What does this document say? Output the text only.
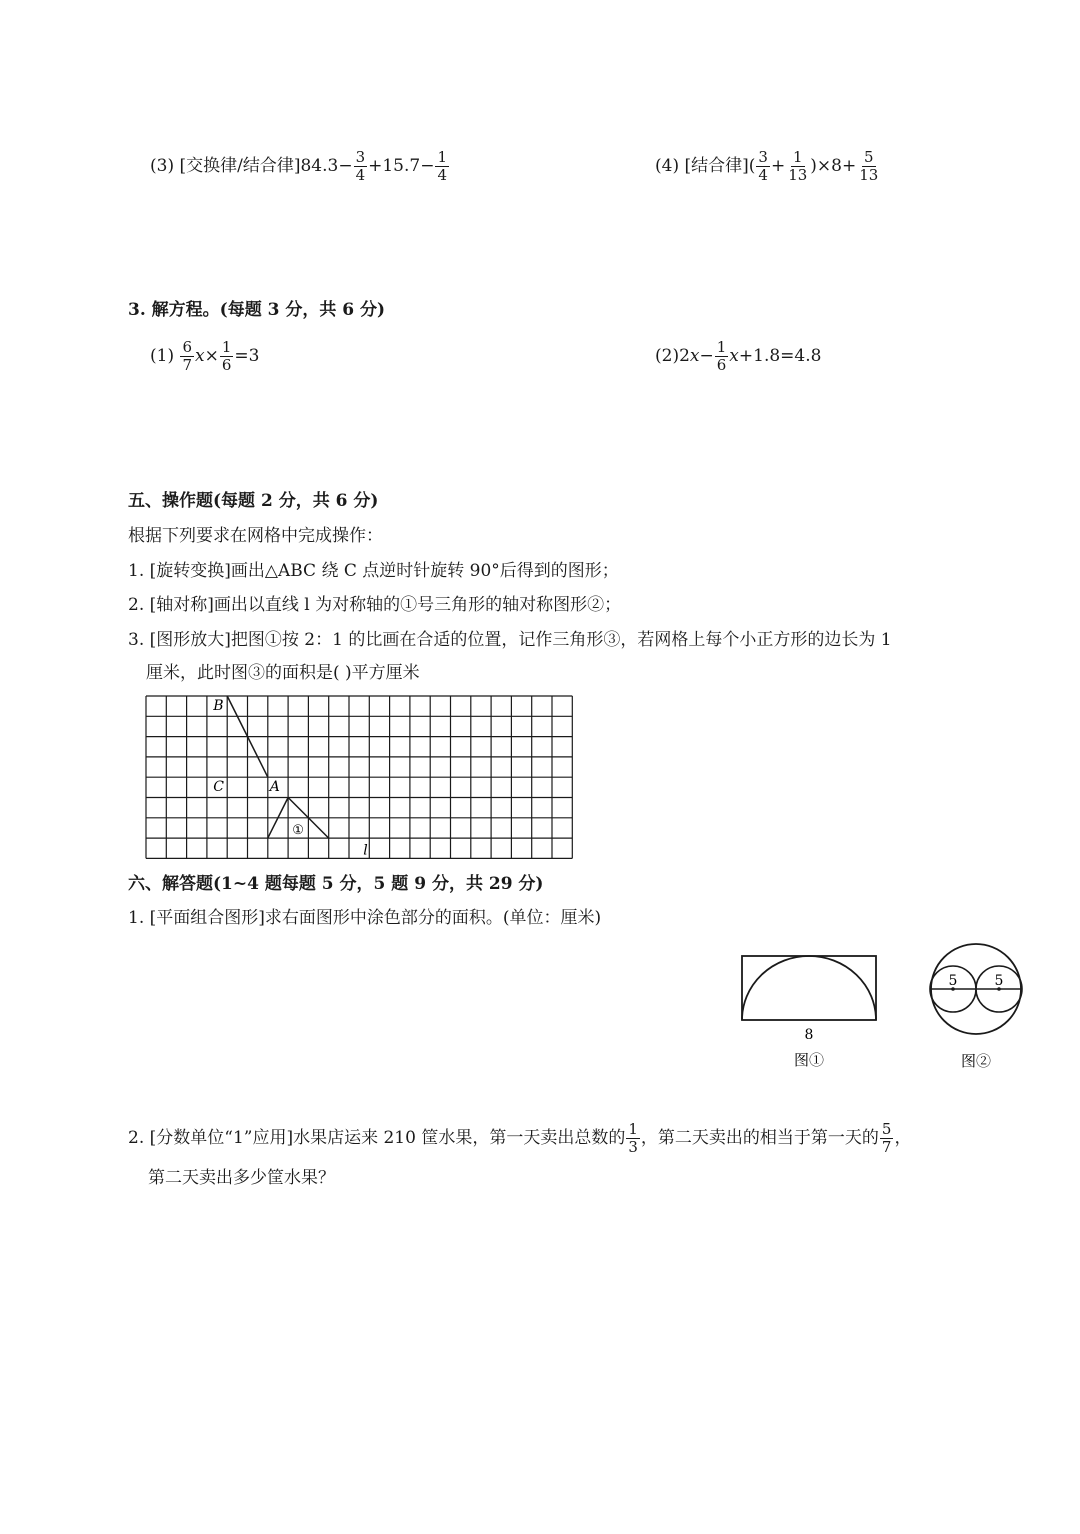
(3) [交换律/结合律]$84.3- \frac{3}{4} +15.7- \frac{1}{4}$	(4) [结合律]( $\frac{3}{4} + \frac{1}{13} )\times 8+ \frac{5}{13}$
3. 解方程。(每题 3 分，共 6 分)
$(1) \frac{6}{7} x\times \frac{1}{6} =3$	$(2)2x- \frac{1}{6} x+1.8=4.8$
五、操作题(每题 2 分，共 6 分)
根据下列要求在网格中完成操作：
1. [旋转变换]画出△ABC 绕 C 点逆时针旋转 90°后得到的图形；
2. [轴对称]画出以直线 l 为对称轴的①号三角形的轴对称图形②；
3. [图形放大]把图①按 2：1 的比画在合适的位置，记作三角形③，若网格上每个小正方形的边长为 1
厘米，此时图③的面积是( )平方厘米
B
C	A
l
①
六、解答题(1~4 题每题 5 分，5 题 9 分，共 29 分)
1. [平面组合图形]求右面图形中涂色部分的面积。(单位：厘米)
8
图①
5	5
图②
2. [分数单位“1”应用]水果店运来 210 筐水果，第一天卖出总数的 $\frac{1}{3}$ ，第二天卖出的相当于第一天的 $\frac{5}{7}$ ，
第二天卖出多少筐水果？
